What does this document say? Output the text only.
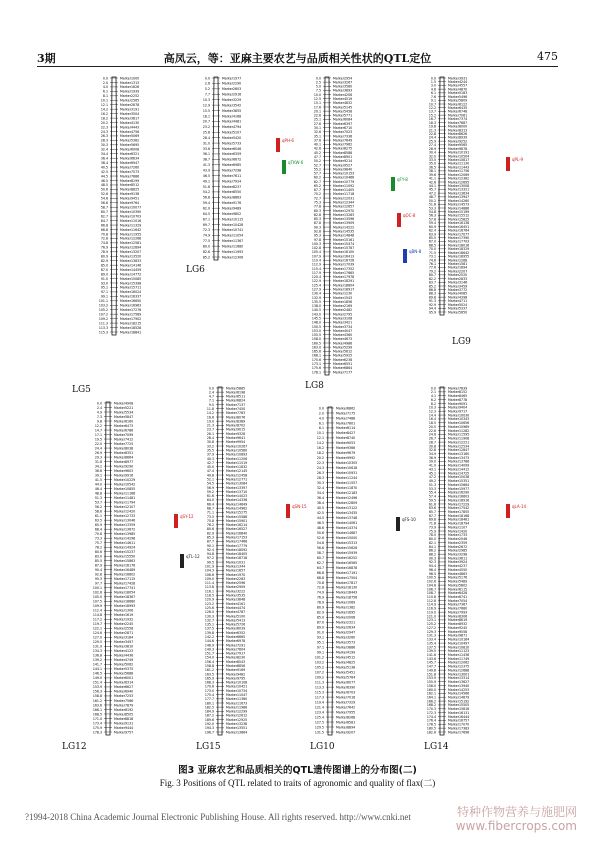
3期	高凤云，等：亚麻主要农艺与品质相关性状的QTL定位	475
0.0	Marker1000
2.0	Marker1313
4.0	Marker1626
6.1	Marker1939
8.1	Marker2252
10.1	Marker2565
12.1	Marker2878
14.2	Marker3191
16.2	Marker3504
18.2	Marker3817
20.2	Marker4130
22.3	Marker4443
24.3	Marker4756
26.3	Marker5069
28.3	Marker5382
30.3	Marker5695
32.4	Marker6008
34.4	Marker6321
36.4	Marker6634
38.4	Marker6947
40.5	Marker7260
42.5	Marker7573
44.5	Marker7886
46.5	Marker8199
48.5	Marker8512
50.6	Marker8825
52.6	Marker9138
54.6	Marker9451
56.6	Marker9764
58.7	Marker10077
60.7	Marker10390
62.7	Marker10703
64.7	Marker11016
66.8	Marker11329
68.8	Marker11642
70.8	Marker11955
72.8	Marker12268
74.8	Marker12581
76.9	Marker12894
78.9	Marker13207
80.9	Marker13520
82.9	Marker13833
85.0	Marker14146
87.0	Marker14459
89.0	Marker14772
91.0	Marker15085
93.0	Marker15398
95.1	Marker15711
97.1	Marker16024
99.1	Marker16337
101.1	Marker16650
103.2	Marker16963
105.2	Marker17276
107.2	Marker17589
109.2	Marker17902
111.3	Marker18215
113.3	Marker18528
115.3	Marker18841
LG5
0.0	Marker1977
2.6	Marker2290
5.2	Marker2603
7.7	Marker2916
10.3	Marker3229
12.9	Marker3542
15.5	Marker3855
18.1	Marker4168
20.7	Marker4481
23.2	Marker4794
25.8	Marker5107
28.4	Marker5420
31.0	Marker5733
33.6	Marker6046
36.1	Marker6359
38.7	Marker6672
41.3	Marker6985
43.9	Marker7298
46.5	Marker7611
49.1	Marker7924
51.6	Marker8237
54.2	Marker8550
56.8	Marker8863
59.4	Marker9176
62.0	Marker9489
64.5	Marker9802
67.1	Marker10115
69.7	Marker10428
72.3	Marker10741
74.9	Marker11054
77.5	Marker11367
80.0	Marker11680
82.6	Marker11993
85.2	Marker12306
LG6
qPH-6
qTKW-6
0.0	Marker2954
2.5	Marker3267
5.0	Marker3580
7.5	Marker3893
10.0	Marker4206
12.5	Marker4519
15.1	Marker4832
17.6	Marker5145
20.1	Marker5458
22.6	Marker5771
25.1	Marker6084
27.6	Marker6397
30.1	Marker6710
32.6	Marker7023
35.1	Marker7336
37.6	Marker7649
40.1	Marker7962
42.6	Marker8275
45.2	Marker8588
47.7	Marker8901
50.2	Marker9214
52.7	Marker9527
55.2	Marker9840
57.7	Marker10153
60.2	Marker10466
62.7	Marker10779
65.2	Marker11092
67.7	Marker11405
70.2	Marker11718
72.7	Marker12031
75.3	Marker12344
77.8	Marker12657
80.3	Marker12970
82.8	Marker13283
85.3	Marker13596
87.8	Marker13909
90.3	Marker14222
92.8	Marker14535
95.3	Marker14848
97.8	Marker15161
100.3	Marker15474
102.8	Marker15787
105.4	Marker16100
107.9	Marker16413
110.4	Marker16726
112.9	Marker17039
115.4	Marker17352
117.9	Marker17665
120.4	Marker17978
122.9	Marker18291
125.4	Marker18604
127.9	Marker18917
130.4	Marker1230
132.9	Marker1543
135.5	Marker1856
138.0	Marker2169
140.5	Marker2482
143.0	Marker2795
145.5	Marker3108
148.0	Marker3421
150.5	Marker3734
153.0	Marker4047
155.5	Marker4360
158.0	Marker4673
160.5	Marker4986
163.0	Marker5299
165.6	Marker5612
168.1	Marker5925
170.6	Marker6238
173.1	Marker6551
175.6	Marker6864
178.1	Marker7177
LG8
qFY-8
qOC-8
qBN-8
0.0	Marker3931
1.5	Marker4244
3.0	Marker4557
4.6	Marker4870
6.1	Marker5183
7.6	Marker5496
9.1	Marker5809
10.7	Marker6122
12.2	Marker6435
13.7	Marker6748
15.2	Marker7061
16.7	Marker7374
18.3	Marker7687
19.8	Marker8000
21.3	Marker8313
22.8	Marker8626
24.4	Marker8939
25.9	Marker9252
27.4	Marker9565
28.9	Marker9878
30.4	Marker10191
32.0	Marker10504
33.5	Marker10817
35.0	Marker11130
36.5	Marker11443
38.1	Marker11756
39.6	Marker12069
41.1	Marker12382
42.6	Marker12695
44.1	Marker13008
45.7	Marker13321
47.2	Marker13634
48.7	Marker13947
50.2	Marker14260
51.8	Marker14573
53.3	Marker14886
54.8	Marker15199
56.3	Marker15512
57.8	Marker15825
59.4	Marker16138
60.9	Marker16451
62.4	Marker16764
63.9	Marker17077
65.5	Marker17390
67.0	Marker17703
68.5	Marker18016
70.0	Marker18329
71.5	Marker18642
73.1	Marker18955
74.6	Marker1268
76.1	Marker1581
77.6	Marker1894
79.2	Marker2207
80.7	Marker2520
82.2	Marker2833
83.7	Marker3146
85.2	Marker3459
86.8	Marker3772
88.3	Marker4085
89.8	Marker4398
91.3	Marker4711
92.9	Marker5024
94.4	Marker5337
95.9	Marker5650
LG9
qPL-9
0.0	Marker4908
2.4	Marker5221
4.9	Marker5534
7.3	Marker5847
9.8	Marker6160
12.2	Marker6473
14.7	Marker6786
17.1	Marker7099
19.5	Marker7412
22.0	Marker7725
24.4	Marker8038
26.9	Marker8351
29.3	Marker8664
31.8	Marker8977
34.2	Marker9290
36.6	Marker9603
39.1	Marker9916
41.5	Marker10229
44.0	Marker10542
46.4	Marker10855
48.8	Marker11168
51.3	Marker11481
53.7	Marker11794
56.2	Marker12107
58.6	Marker12420
61.1	Marker12733
63.5	Marker13046
65.9	Marker13359
68.4	Marker13672
70.8	Marker13985
73.3	Marker14298
75.7	Marker14611
78.2	Marker14924
80.6	Marker15237
83.0	Marker15550
85.5	Marker15863
87.9	Marker16176
90.4	Marker16489
92.8	Marker16802
95.3	Marker17115
97.7	Marker17428
100.1	Marker17741
102.6	Marker18054
105.0	Marker18367
107.5	Marker18680
109.9	Marker18993
112.4	Marker1306
114.8	Marker1619
117.2	Marker1932
119.7	Marker2245
122.1	Marker2558
124.6	Marker2871
127.0	Marker3184
129.5	Marker3497
131.9	Marker3810
134.3	Marker4123
136.8	Marker4436
139.2	Marker4749
141.7	Marker5062
144.1	Marker5375
146.5	Marker5688
149.0	Marker6001
151.4	Marker6314
153.9	Marker6627
156.3	Marker6940
158.8	Marker7253
161.2	Marker7566
163.6	Marker7879
166.1	Marker8192
168.5	Marker8505
171.0	Marker8818
173.4	Marker9131
175.9	Marker9444
178.3	Marker9757
LG12
qSY-12
qTL-12
0.0	Marker5885
2.4	Marker6198
4.7	Marker6511
7.1	Marker6824
9.5	Marker7137
11.8	Marker7450
14.2	Marker7763
16.6	Marker8076
19.0	Marker8389
21.3	Marker8702
23.7	Marker9015
26.1	Marker9328
28.4	Marker9641
30.8	Marker9954
33.2	Marker10267
35.5	Marker10580
37.9	Marker10893
40.3	Marker11206
42.7	Marker11519
45.0	Marker11832
47.4	Marker12145
49.8	Marker12458
52.1	Marker12771
54.5	Marker13084
56.9	Marker13397
59.2	Marker13710
61.6	Marker14023
64.0	Marker14336
66.4	Marker14649
68.7	Marker14962
71.1	Marker15275
73.5	Marker15588
75.8	Marker15901
78.2	Marker16214
80.6	Marker16527
82.9	Marker16840
85.3	Marker17153
87.7	Marker17466
90.1	Marker17779
92.4	Marker18092
94.8	Marker18405
97.2	Marker18718
99.5	Marker1031
101.9	Marker1344
104.3	Marker1657
106.6	Marker1970
109.0	Marker2283
111.4	Marker2596
113.8	Marker2909
116.1	Marker3222
118.5	Marker3535
120.9	Marker3848
123.2	Marker4161
125.6	Marker4474
128.0	Marker4787
130.3	Marker5100
132.7	Marker5413
135.1	Marker5726
137.5	Marker6039
139.8	Marker6352
142.2	Marker6665
144.6	Marker6978
146.9	Marker7291
149.3	Marker7604
151.7	Marker7917
154.0	Marker8230
156.4	Marker8543
158.8	Marker8856
161.2	Marker9169
163.5	Marker9482
165.9	Marker9795
168.3	Marker10108
170.6	Marker10421
173.0	Marker10734
175.4	Marker11047
177.7	Marker11360
180.1	Marker11673
182.5	Marker11986
184.9	Marker12299
187.2	Marker12612
189.6	Marker12925
192.0	Marker13238
194.3	Marker13551
196.7	Marker13864
LG15
qSN-15
0.0	Marker6862
2.0	Marker7175
4.0	Marker7488
6.1	Marker7801
8.1	Marker8114
10.1	Marker8427
12.1	Marker8740
14.2	Marker9053
16.2	Marker9366
18.2	Marker9679
20.2	Marker9992
22.3	Marker10305
24.3	Marker10618
26.3	Marker10931
28.3	Marker11244
30.3	Marker11557
32.4	Marker11870
34.4	Marker12183
36.4	Marker12496
38.4	Marker12809
40.5	Marker13122
42.5	Marker13435
44.5	Marker13748
46.5	Marker14061
48.6	Marker14374
50.6	Marker14687
52.6	Marker15000
54.6	Marker15313
56.6	Marker15626
58.7	Marker15939
60.7	Marker16252
62.7	Marker16565
64.7	Marker16878
66.8	Marker17191
68.8	Marker17504
70.8	Marker17817
72.8	Marker18130
74.9	Marker18443
76.9	Marker18756
78.9	Marker1069
80.9	Marker1382
82.9	Marker1695
85.0	Marker2008
87.0	Marker2321
89.0	Marker2634
91.0	Marker2947
93.1	Marker3260
95.1	Marker3573
97.1	Marker3886
99.1	Marker4199
101.2	Marker4512
103.2	Marker4825
105.2	Marker5138
107.2	Marker5451
109.2	Marker5764
111.3	Marker6077
113.3	Marker6390
115.3	Marker6703
117.3	Marker7016
119.4	Marker7329
121.4	Marker7642
123.4	Marker7955
125.4	Marker8268
127.5	Marker8581
129.5	Marker8894
131.5	Marker9207
LG10
qFS-10
0.0	Marker7839
2.1	Marker8152
4.1	Marker8465
6.2	Marker8778
8.2	Marker9091
10.3	Marker9404
12.3	Marker9717
14.4	Marker10030
16.4	Marker10343
18.5	Marker10656
20.5	Marker10969
22.6	Marker11282
24.6	Marker11595
26.7	Marker11908
28.7	Marker12221
30.8	Marker12534
32.8	Marker12847
34.9	Marker13160
36.9	Marker13473
39.0	Marker13786
41.0	Marker14099
43.1	Marker14412
45.1	Marker14725
47.2	Marker15038
49.2	Marker15351
51.3	Marker15664
53.3	Marker15977
55.4	Marker16290
57.4	Marker16603
59.5	Marker16916
61.6	Marker17229
63.6	Marker17542
65.7	Marker17855
67.7	Marker18168
69.8	Marker18481
71.8	Marker18794
73.9	Marker1107
75.9	Marker1420
78.0	Marker1733
80.0	Marker2046
82.1	Marker2359
84.1	Marker2672
86.2	Marker2985
88.2	Marker3298
90.3	Marker3611
92.3	Marker3924
94.4	Marker4237
96.4	Marker4550
98.5	Marker4863
100.5	Marker5176
102.6	Marker5489
104.6	Marker5802
106.7	Marker6115
108.7	Marker6428
110.8	Marker6741
112.8	Marker7054
114.9	Marker7367
116.9	Marker7680
119.0	Marker7993
121.0	Marker8306
123.1	Marker8619
125.2	Marker8932
127.2	Marker9245
129.3	Marker9558
131.3	Marker9871
133.4	Marker10184
135.4	Marker10497
137.5	Marker10810
139.5	Marker11123
141.6	Marker11436
143.6	Marker11749
145.7	Marker12062
147.7	Marker12375
149.8	Marker12688
151.8	Marker13001
153.9	Marker13314
155.9	Marker13627
158.0	Marker13940
160.0	Marker14253
162.1	Marker14566
164.1	Marker14879
166.2	Marker15192
168.2	Marker15505
170.3	Marker15818
172.3	Marker16131
174.4	Marker16444
176.4	Marker16757
178.5	Marker17070
180.5	Marker17383
182.6	Marker17696
LG14
qLA-14
图3 亚麻农艺和品质相关的QTL遗传图谱上的分布图(二)
Fig. 3 Positions of QTL related to traits of agronomic and quality of flax(二)
?1994-2018 China Academic Journal Electronic Publishing House. All rights reserved. http://www.cnki.net	特种作物营养与施肥网
www.fibercrops.com
